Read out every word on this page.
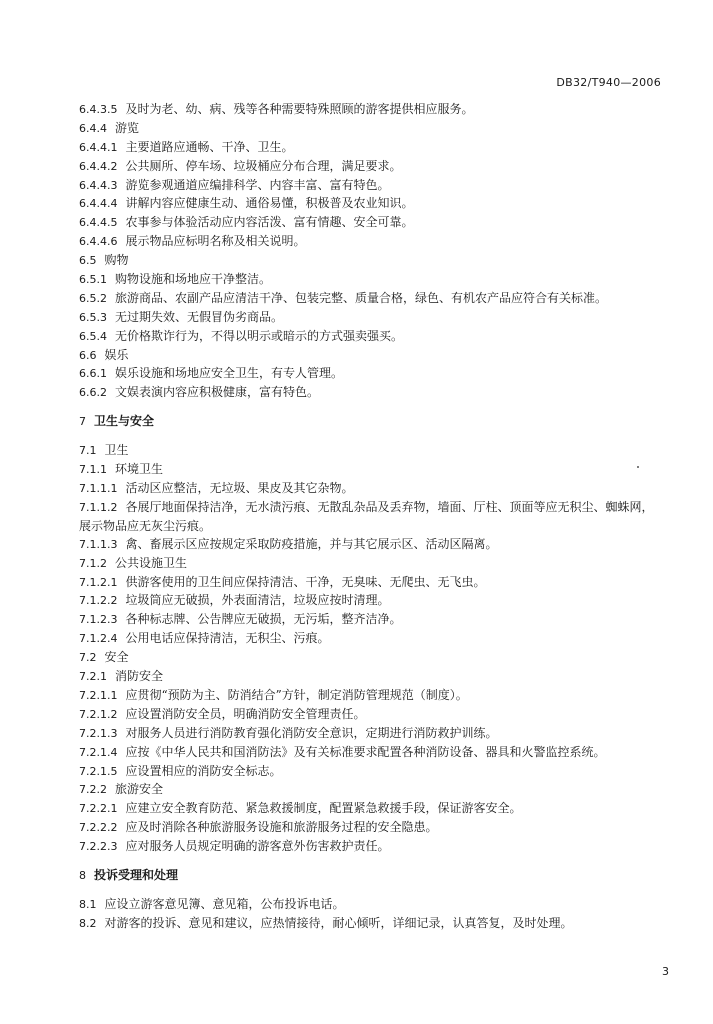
DB32/T940—2006
6.4.3.5 及时为老、幼、病、残等各种需要特殊照顾的游客提供相应服务。
6.4.4 游览
6.4.4.1 主要道路应通畅、干净、卫生。
6.4.4.2 公共厕所、停车场、垃圾桶应分布合理，满足要求。
6.4.4.3 游览参观通道应编排科学、内容丰富、富有特色。
6.4.4.4 讲解内容应健康生动、通俗易懂，积极普及农业知识。
6.4.4.5 农事参与体验活动应内容活泼、富有情趣、安全可靠。
6.4.4.6 展示物品应标明名称及相关说明。
6.5 购物
6.5.1 购物设施和场地应干净整洁。
6.5.2 旅游商品、农副产品应清洁干净、包装完整、质量合格，绿色、有机农产品应符合有关标准。
6.5.3 无过期失效、无假冒伪劣商品。
6.5.4 无价格欺诈行为，不得以明示或暗示的方式强卖强买。
6.6 娱乐
6.6.1 娱乐设施和场地应安全卫生，有专人管理。
6.6.2 文娱表演内容应积极健康，富有特色。
7 卫生与安全
7.1 卫生
7.1.1 环境卫生
7.1.1.1 活动区应整洁，无垃圾、果皮及其它杂物。
7.1.1.2 各展厅地面保持洁净，无水渍污痕、无散乱杂品及丢弃物，墙面、厅柱、顶面等应无积尘、蜘蛛网，展示物品应无灰尘污痕。
7.1.1.3 禽、畜展示区应按规定采取防疫措施，并与其它展示区、活动区隔离。
7.1.2 公共设施卫生
7.1.2.1 供游客使用的卫生间应保持清洁、干净，无臭味、无爬虫、无飞虫。
7.1.2.2 垃圾筒应无破损，外表面清洁，垃圾应按时清理。
7.1.2.3 各种标志牌、公告牌应无破损，无污垢，整齐洁净。
7.1.2.4 公用电话应保持清洁，无积尘、污痕。
7.2 安全
7.2.1 消防安全
7.2.1.1 应贯彻“预防为主、防消结合”方针，制定消防管理规范（制度）。
7.2.1.2 应设置消防安全员，明确消防安全管理责任。
7.2.1.3 对服务人员进行消防教育强化消防安全意识，定期进行消防救护训练。
7.2.1.4 应按《中华人民共和国消防法》及有关标准要求配置各种消防设备、器具和火警监控系统。
7.2.1.5 应设置相应的消防安全标志。
7.2.2 旅游安全
7.2.2.1 应建立安全教育防范、紧急救援制度，配置紧急救援手段，保证游客安全。
7.2.2.2 应及时消除各种旅游服务设施和旅游服务过程的安全隐患。
7.2.2.3 应对服务人员规定明确的游客意外伤害救护责任。
8 投诉受理和处理
8.1 应设立游客意见簿、意见箱，公布投诉电话。
8.2 对游客的投诉、意见和建议，应热情接待，耐心倾听，详细记录，认真答复，及时处理。
3
